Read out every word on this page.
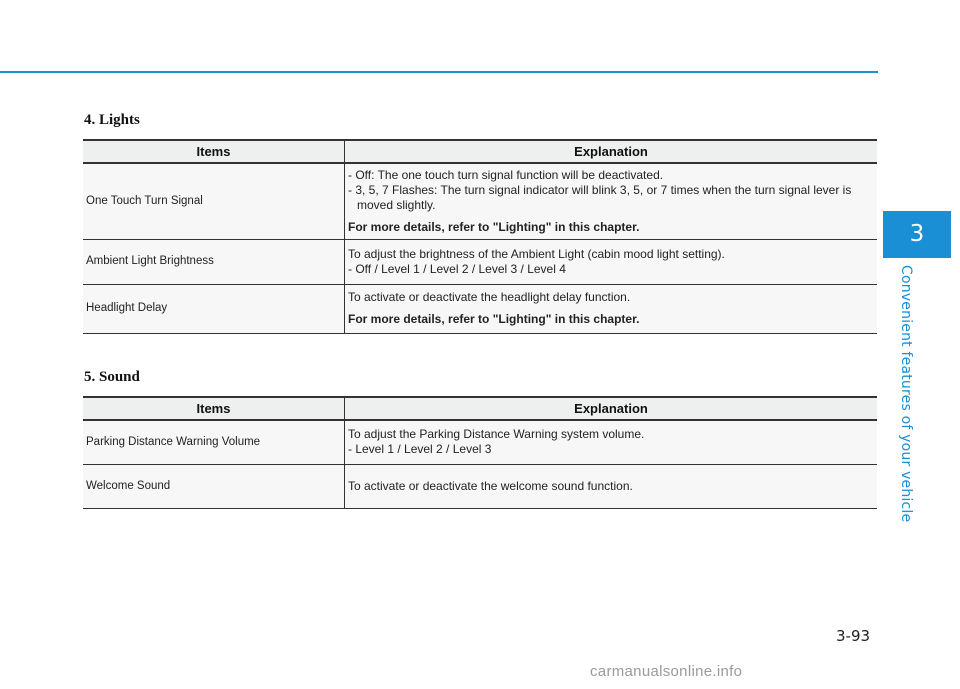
4. Lights
Items	Explanation
One Touch Turn Signal	- Off: The one touch turn signal function will be deactivated.
- 3, 5, 7 Flashes: The turn signal indicator will blink 3, 5, or 7 times when the turn signal lever is moved slightly.
For more details, refer to "Lighting" in this chapter.

Ambient Light Brightness	To adjust the brightness of the Ambient Light (cabin mood light setting).
- Off / Level 1 / Level 2 / Level 3 / Level 4

Headlight Delay	To activate or deactivate the headlight delay function.
For more details, refer to "Lighting" in this chapter.
5. Sound
Items	Explanation
Parking Distance Warning Volume	To adjust the Parking Distance Warning system volume.
- Level 1 / Level 2 / Level 3

Welcome Sound	To activate or deactivate the welcome sound function.
3
Convenient features of your vehicle
3-93
carmanualsonline.info
